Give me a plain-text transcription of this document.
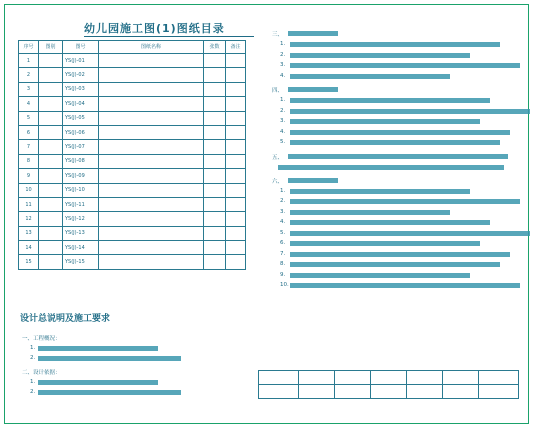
幼儿园施工图(1)图纸目录
序号	图别	图号	图纸名称	张数	备注
1		YS(J)-01			
2		YS(J)-02			
3		YS(J)-03			
4		YS(J)-04			
5		YS(J)-05			
6		YS(J)-06			
7		YS(J)-07			
8		YS(J)-08			
9		YS(J)-09			
10		YS(J)-10			
11		YS(J)-11			
12		YS(J)-12			
13		YS(J)-13			
14		YS(J)-14			
15		YS(J)-15			
设计总说明及施工要求
一、工程概况：
1.
2.
二、设计依据：
1.
2.
三、
1.
2.
3.
4.
四、
1.
2.
3.
4.
5.
五、
六、
1.
2.
3.
4.
5.
6.
7.
8.
9.
10.
